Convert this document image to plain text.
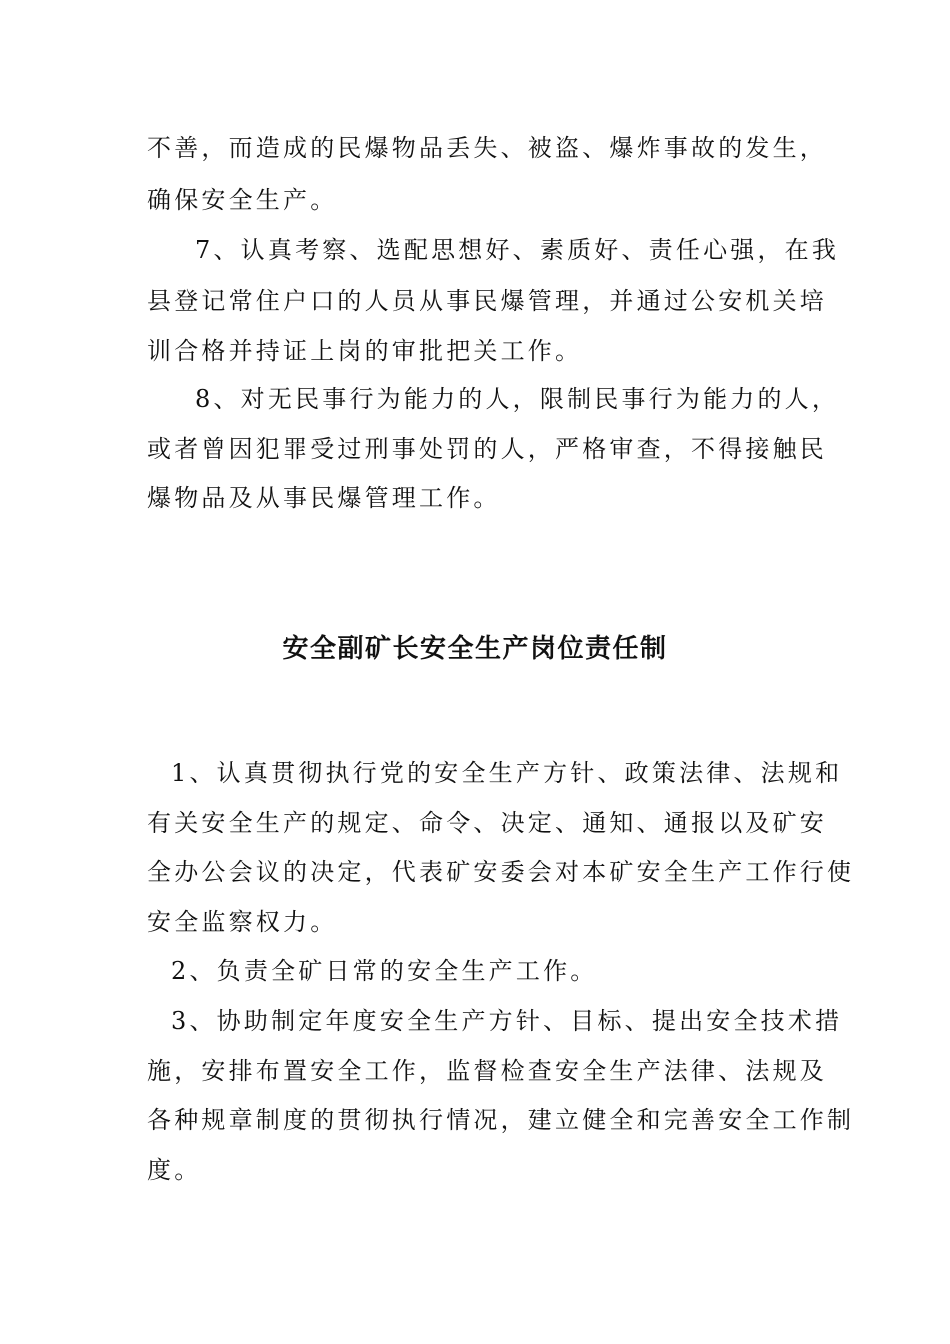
不善，而造成的民爆物品丢失、被盗、爆炸事故的发生，
确保安全生产。
7、认真考察、选配思想好、素质好、责任心强，在我
县登记常住户口的人员从事民爆管理，并通过公安机关培
训合格并持证上岗的审批把关工作。
8、对无民事行为能力的人，限制民事行为能力的人，
或者曾因犯罪受过刑事处罚的人，严格审查，不得接触民
爆物品及从事民爆管理工作。
安全副矿长安全生产岗位责任制
1、认真贯彻执行党的安全生产方针、政策法律、法规和
有关安全生产的规定、命令、决定、通知、通报以及矿安
全办公会议的决定，代表矿安委会对本矿安全生产工作行使
安全监察权力。
2、负责全矿日常的安全生产工作。
3、协助制定年度安全生产方针、目标、提出安全技术措
施，安排布置安全工作，监督检查安全生产法律、法规及
各种规章制度的贯彻执行情况，建立健全和完善安全工作制
度。
